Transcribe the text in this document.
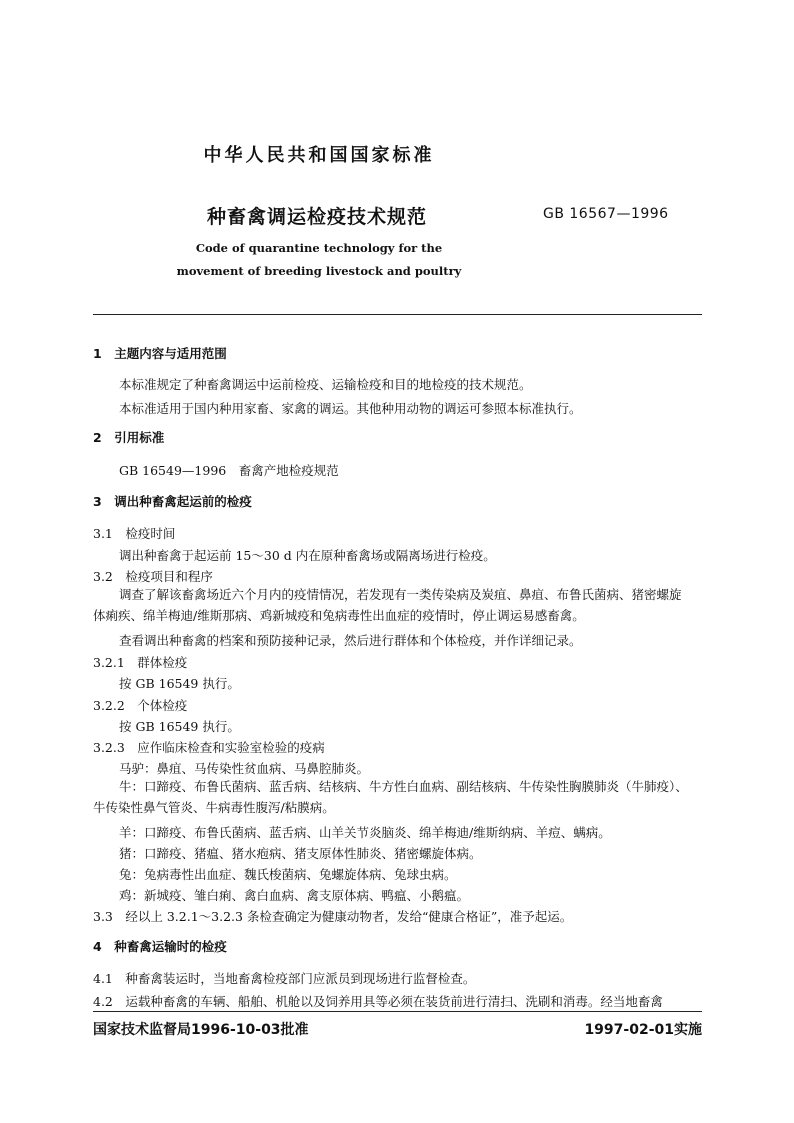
中华人民共和国国家标准
种畜禽调运检疫技术规范	GB 16567—1996
Code of quarantine technology for the
movement of breeding livestock and poultry
1　主题内容与适用范围
本标准规定了种畜禽调运中运前检疫、运输检疫和目的地检疫的技术规范。
本标准适用于国内种用家畜、家禽的调运。其他种用动物的调运可参照本标准执行。
2　引用标准
GB 16549—1996　畜禽产地检疫规范
3　调出种畜禽起运前的检疫
3.1　检疫时间
调出种畜禽于起运前 15～30 d 内在原种畜禽场或隔离场进行检疫。
3.2　检疫项目和程序
调查了解该畜禽场近六个月内的疫情情况，若发现有一类传染病及炭疽、鼻疽、布鲁氏菌病、猪密螺旋体痢疾、绵羊梅迪/维斯那病、鸡新城疫和兔病毒性出血症的疫情时，停止调运易感畜禽。
查看调出种畜禽的档案和预防接种记录，然后进行群体和个体检疫，并作详细记录。
3.2.1　群体检疫
按 GB 16549 执行。
3.2.2　个体检疫
按 GB 16549 执行。
3.2.3　应作临床检查和实验室检验的疫病
马驴：鼻疽、马传染性贫血病、马鼻腔肺炎。
牛：口蹄疫、布鲁氏菌病、蓝舌病、结核病、牛方性白血病、副结核病、牛传染性胸膜肺炎（牛肺疫）、牛传染性鼻气管炎、牛病毒性腹泻/粘膜病。
羊：口蹄疫、布鲁氏菌病、蓝舌病、山羊关节炎脑炎、绵羊梅迪/维斯纳病、羊痘、螨病。
猪：口蹄疫、猪瘟、猪水疱病、猪支原体性肺炎、猪密螺旋体病。
兔：兔病毒性出血症、魏氏梭菌病、兔螺旋体病、兔球虫病。
鸡：新城疫、雏白痢、禽白血病、禽支原体病、鸭瘟、小鹅瘟。
3.3　经以上 3.2.1～3.2.3 条检查确定为健康动物者，发给“健康合格证”，准予起运。
4　种畜禽运输时的检疫
4.1　种畜禽装运时，当地畜禽检疫部门应派员到现场进行监督检查。
4.2　运载种畜禽的车辆、船舶、机舱以及饲养用具等必须在装货前进行清扫、洗刷和消毒。经当地畜禽
国家技术监督局1996-10-03批准	1997-02-01实施
